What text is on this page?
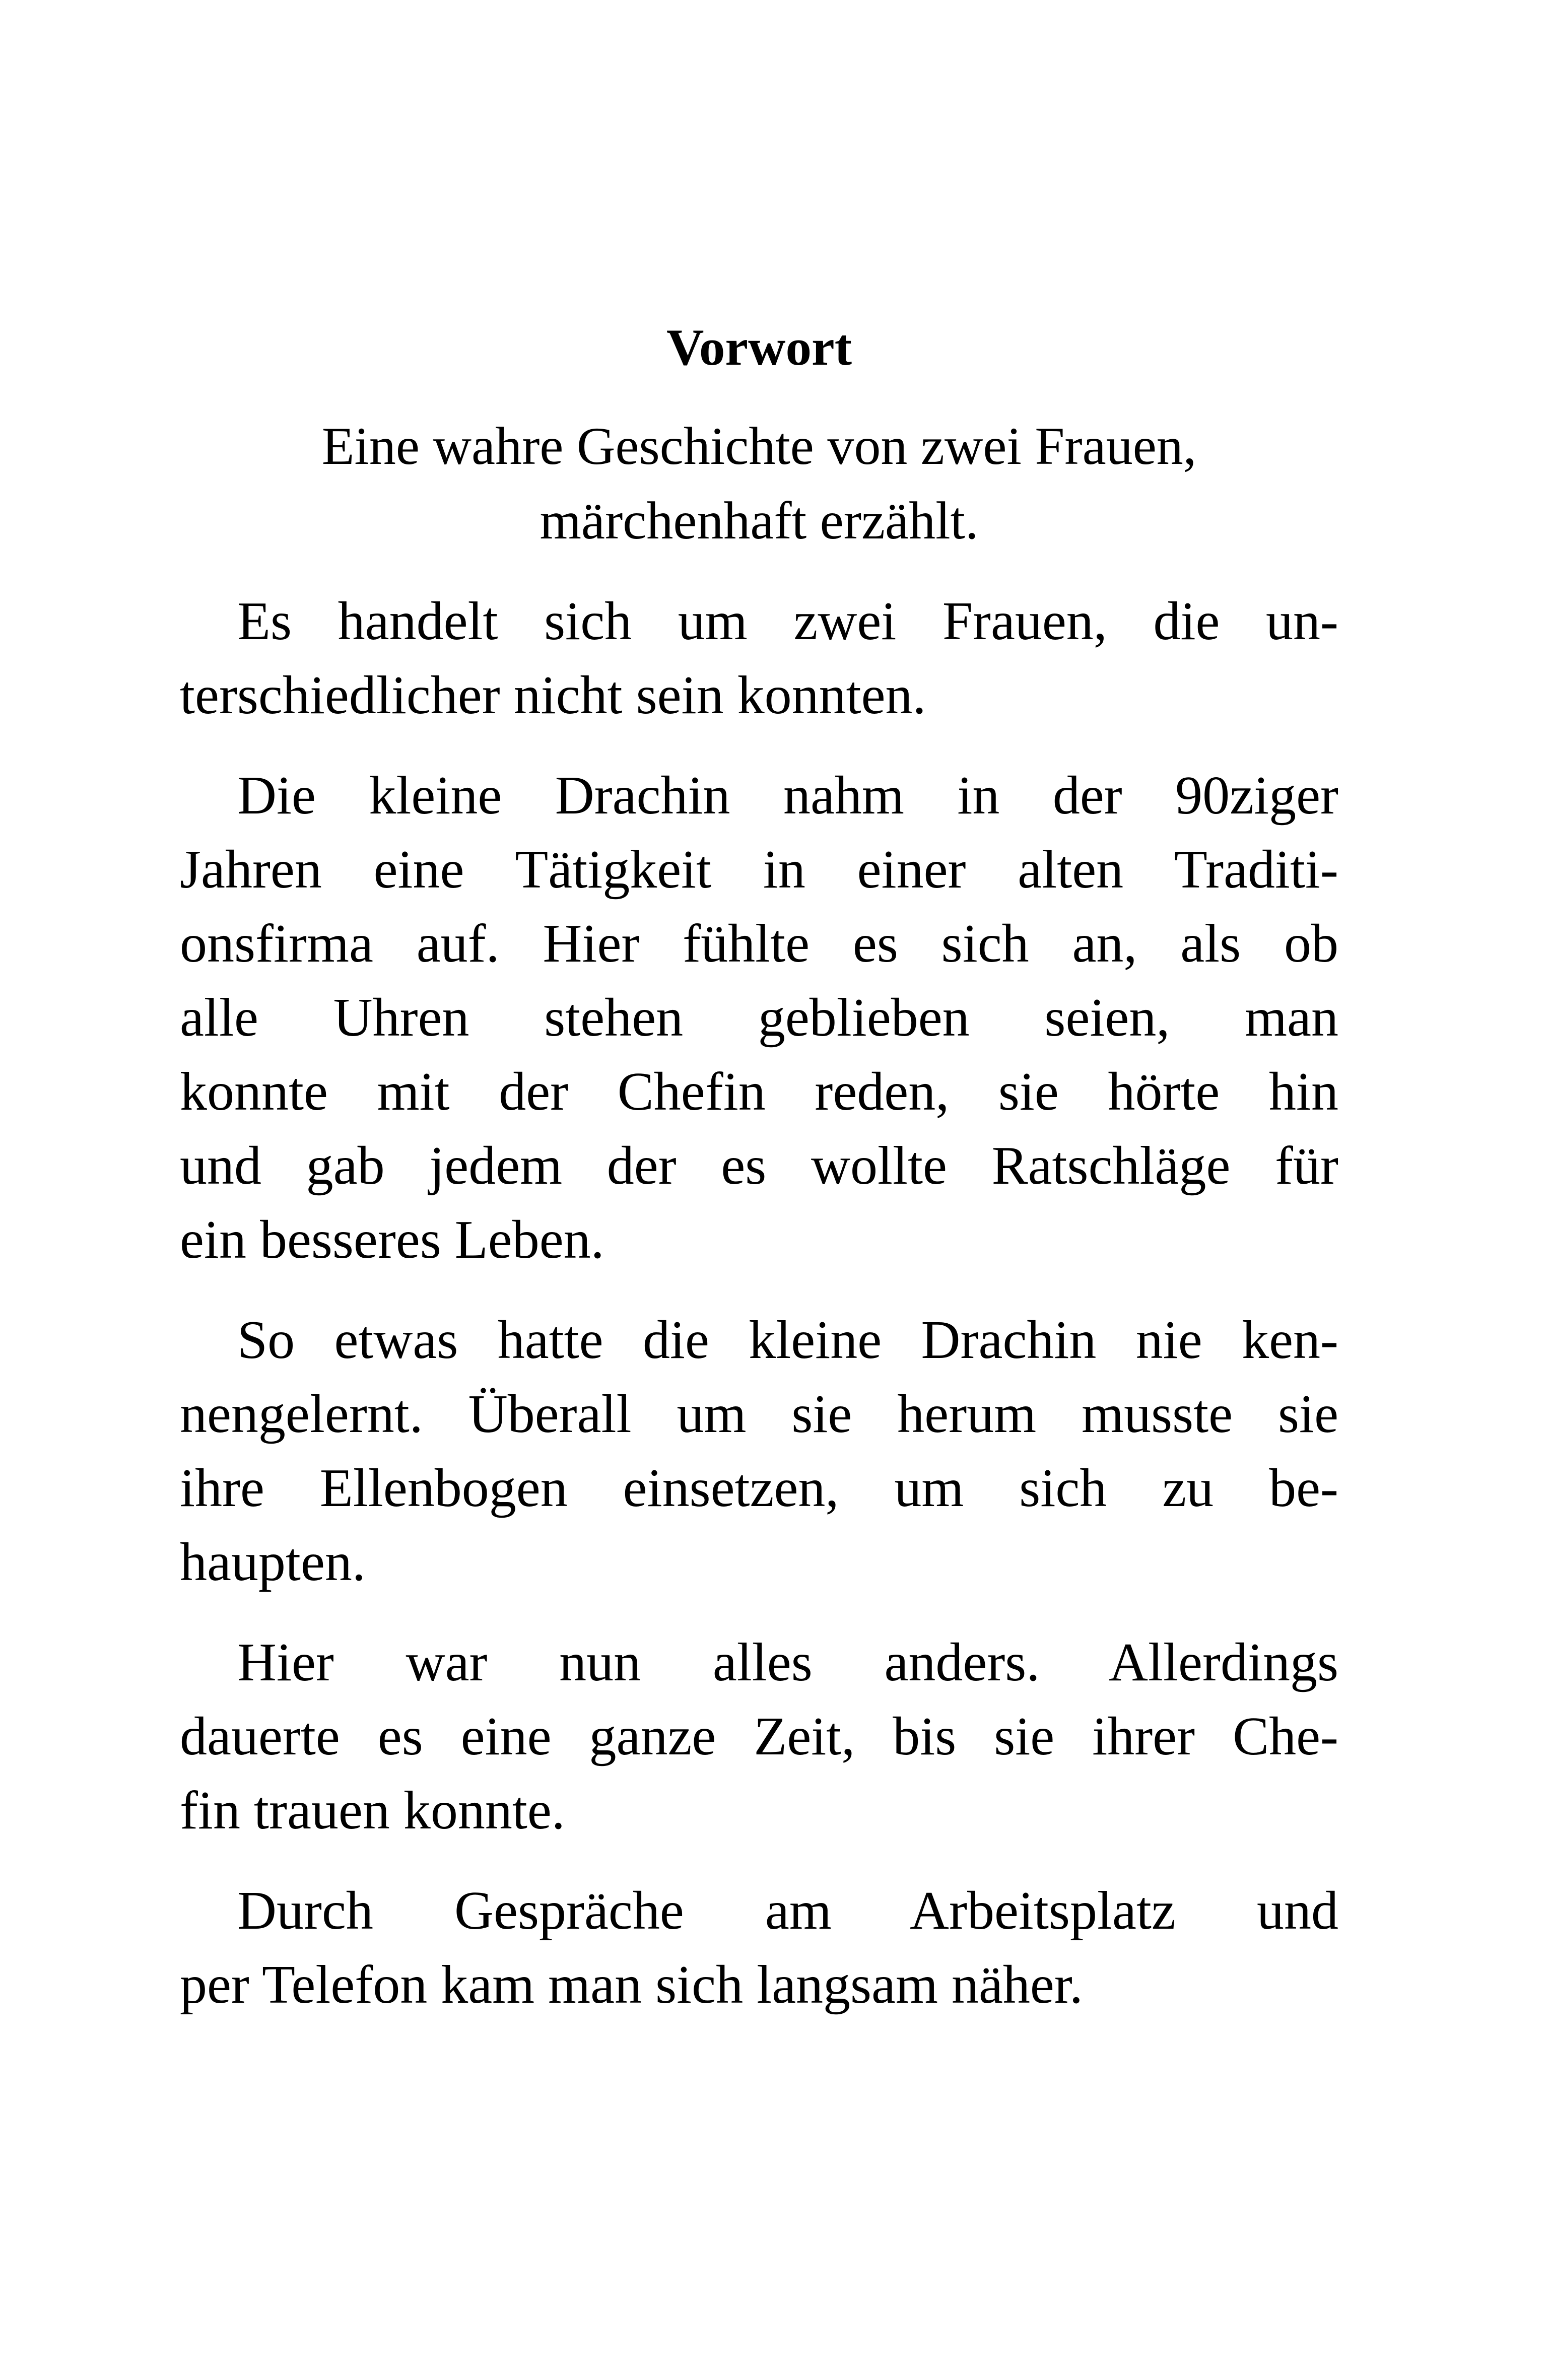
Vorwort
Eine wahre Geschichte von zwei Frauen,
märchenhaft erzählt.

Es handelt sich um zwei Frauen, die un-
terschiedlicher nicht sein konnten.

Die kleine Drachin nahm in der 90ziger
Jahren eine Tätigkeit in einer alten Traditi-
onsfirma auf. Hier fühlte es sich an, als ob
alle Uhren stehen geblieben seien, man
konnte mit der Chefin reden, sie hörte hin
und gab jedem der es wollte Ratschläge für
ein besseres Leben.

So etwas hatte die kleine Drachin nie ken-
nengelernt. Überall um sie herum musste sie
ihre Ellenbogen einsetzen, um sich zu be-
haupten.

Hier war nun alles anders. Allerdings
dauerte es eine ganze Zeit, bis sie ihrer Che-
fin trauen konnte.

Durch Gespräche am Arbeitsplatz und
per Telefon kam man sich langsam näher.
